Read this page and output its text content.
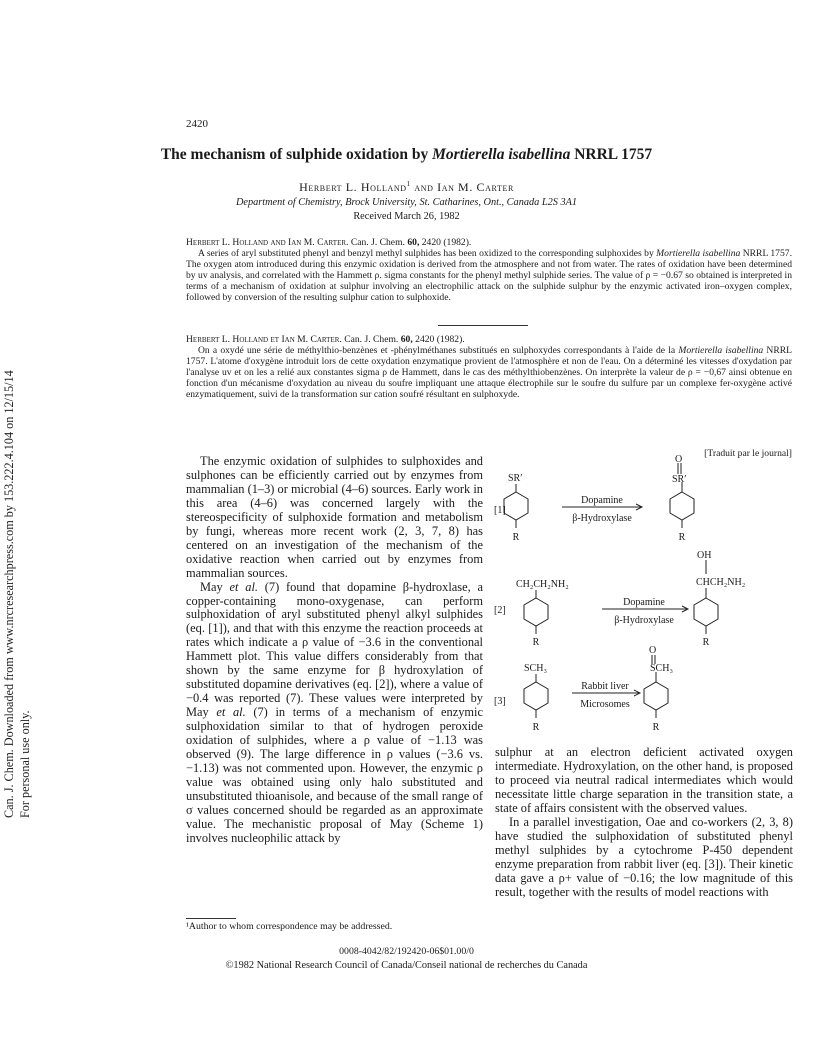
Can. J. Chem. Downloaded from www.nrcresearchpress.com by 153.222.4.104 on 12/15/14 For personal use only.
2420
The mechanism of sulphide oxidation by Mortierella isabellina NRRL 1757
Herbert L. Holland$^1$ and Ian M. Carter
Department of Chemistry, Brock University, St. Catharines, Ont., Canada L2S 3A1
Received March 26, 1982
Herbert L. Holland and Ian M. Carter. Can. J. Chem. 60, 2420 (1982).
A series of aryl substituted phenyl and benzyl methyl sulphides has been oxidized to the corresponding sulphoxides by Mortierella isabellina NRRL 1757. The oxygen atom introduced during this enzymic oxidation is derived from the atmosphere and not from water. The rates of oxidation have been determined by uv analysis, and correlated with the Hammett ρ. sigma constants for the phenyl methyl sulphide series. The value of ρ = −0.67 so obtained is interpreted in terms of a mechanism of oxidation at sulphur involving an electrophilic attack on the sulphide sulphur by the enzymic activated iron–oxygen complex, followed by conversion of the resulting sulphur cation to sulphoxide.
Herbert L. Holland et Ian M. Carter. Can. J. Chem. 60, 2420 (1982).
On a oxydé une série de méthylthio-benzènes et -phénylméthanes substitués en sulphoxydes correspondants à l'aide de la Mortierella isabellina NRRL 1757. L'atome d'oxygène introduit lors de cette oxydation enzymatique provient de l'atmosphère et non de l'eau. On a déterminé les vitesses d'oxydation par l'analyse uv et on les a relié aux constantes sigma ρ de Hammett, dans le cas des méthylthiobenzènes. On interprète la valeur de ρ = −0,67 ainsi obtenue en fonction d'un mécanisme d'oxydation au niveau du soufre impliquant une attaque électrophile sur le soufre du sulfure par un complexe fer-oxygène activé enzymatiquement, suivi de la transformation sur cation soufré résultant en sulphoxyde.
[Traduit par le journal]

The enzymic oxidation of sulphides to sulphoxides and sulphones can be efficiently carried out by enzymes from mammalian (1–3) or microbial (4–6) sources. Early work in this area (4–6) was concerned largely with the stereospecificity of sulphoxide formation and metabolism by fungi, whereas more recent work (2, 3, 7, 8) has centered on an investigation of the mechanism of the oxidative reaction when carried out by enzymes from mammalian sources.

May et al. (7) found that dopamine β-hydroxlase, a copper-containing mono-oxygenase, can perform sulphoxidation of aryl substituted phenyl alkyl sulphides (eq. [1]), and that with this enzyme the reaction proceeds at rates which indicate a ρ value of −3.6 in the conventional Hammett plot. This value differs considerably from that shown by the same enzyme for β hydroxylation of substituted dopamine derivatives (eq. [2]), where a value of −0.4 was reported (7). These values were interpreted by May et al. (7) in terms of a mechanism of enzymic sulphoxidation similar to that of hydrogen peroxide oxidation of sulphides, where a ρ value of −1.13 was observed (9). The large difference in ρ values (−3.6 vs. −1.13) was not commented upon. However, the enzymic ρ value was obtained using only halo substituted and unsubstituted thioanisole, and because of the small range of σ values concerned should be regarded as an approximate value. The mechanistic proposal of May (Scheme 1) involves nucleophilic attack by

[1]
SR′
R
O
SR′
R
Dopamine
β-Hydroxylase
[2]
CH₂CH₂NH₂
R
OH
CHCH₂NH₂
R
Dopamine
β-Hydroxylase
[3]
SCH₃
R
O
SCH₃
R
Rabbit liver
Microsomes

sulphur at an electron deficient activated oxygen intermediate. Hydroxylation, on the other hand, is proposed to proceed via neutral radical intermediates which would necessitate little charge separation in the transition state, a state of affairs consistent with the observed values.

In a parallel investigation, Oae and co-workers (2, 3, 8) have studied the sulphoxidation of substituted phenyl methyl sulphides by a cytochrome P-450 dependent enzyme preparation from rabbit liver (eq. [3]). Their kinetic data gave a ρ+ value of −0.16; the low magnitude of this result, together with the results of model reactions with

¹Author to whom correspondence may be addressed.
0008-4042/82/192420-06$01.00/0
©1982 National Research Council of Canada/Conseil national de recherches du Canada
